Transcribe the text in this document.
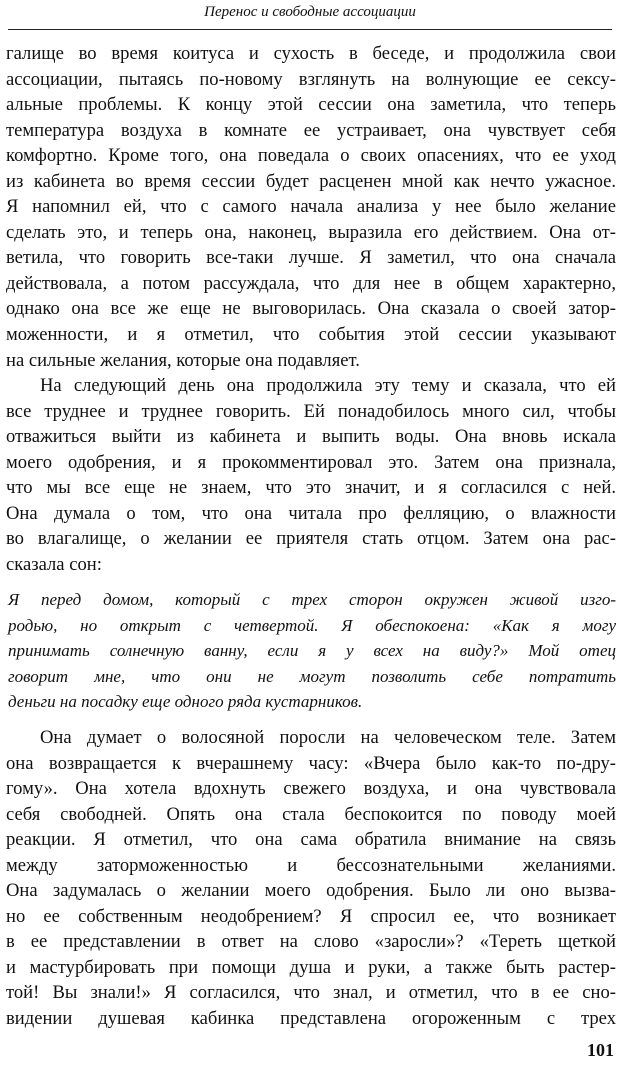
Перенос и свободные ассоциации
галище во время коитуса и сухость в беседе, и продолжила свои
ассоциации, пытаясь по-новому взглянуть на волнующие ее сексу-
альные проблемы. К концу этой сессии она заметила, что теперь
температура воздуха в комнате ее устраивает, она чувствует себя
комфортно. Кроме того, она поведала о своих опасениях, что ее уход
из кабинета во время сессии будет расценен мной как нечто ужасное.
Я напомнил ей, что с самого начала анализа у нее было желание
сделать это, и теперь она, наконец, выразила его действием. Она от-
ветила, что говорить все-таки лучше. Я заметил, что она сначала
действовала, а потом рассуждала, что для нее в общем характерно,
однако она все же еще не выговорилась. Она сказала о своей затор-
моженности, и я отметил, что события этой сессии указывают
на сильные желания, которые она подавляет.
На следующий день она продолжила эту тему и сказала, что ей
все труднее и труднее говорить. Ей понадобилось много сил, чтобы
отважиться выйти из кабинета и выпить воды. Она вновь искала
моего одобрения, и я прокомментировал это. Затем она признала,
что мы все еще не знаем, что это значит, и я согласился с ней.
Она думала о том, что она читала про фелляцию, о влажности
во влагалище, о желании ее приятеля стать отцом. Затем она рас-
сказала сон:
Я перед домом, который с трех сторон окружен живой изго-
родью, но открыт с четвертой. Я обеспокоена: «Как я могу
принимать солнечную ванну, если я у всех на виду?» Мой отец
говорит мне, что они не могут позволить себе потратить
деньги на посадку еще одного ряда кустарников.
Она думает о волосяной поросли на человеческом теле. Затем
она возвращается к вчерашнему часу: «Вчера было как-то по-дру-
гому». Она хотела вдохнуть свежего воздуха, и она чувствовала
себя свободней. Опять она стала беспокоится по поводу моей
реакции. Я отметил, что она сама обратила внимание на связь
между заторможенностью и бессознательными желаниями.
Она задумалась о желании моего одобрения. Было ли оно вызва-
но ее собственным неодобрением? Я спросил ее, что возникает
в ее представлении в ответ на слово «заросли»? «Тереть щеткой
и мастурбировать при помощи душа и руки, а также быть растер-
той! Вы знали!» Я согласился, что знал, и отметил, что в ее сно-
видении душевая кабинка представлена огороженным с трех
101
